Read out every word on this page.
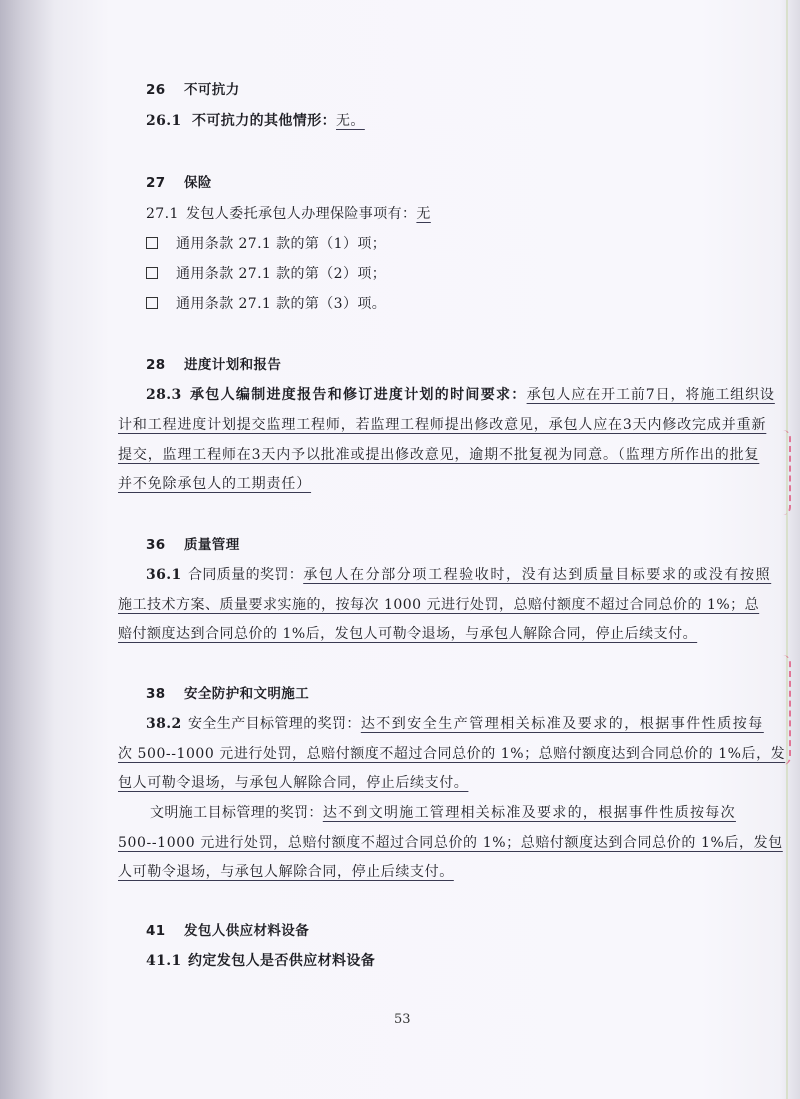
26 不可抗力
26.1 不可抗力的其他情形：无。
27 保险
27.1 发包人委托承包人办理保险事项有：无
通用条款 27.1 款的第（1）项；
通用条款 27.1 款的第（2）项；
通用条款 27.1 款的第（3）项。
28 进度计划和报告
28.3 承包人编制进度报告和修订进度计划的时间要求：承包人应在开工前7日，将施工组织设
计和工程进度计划提交监理工程师，若监理工程师提出修改意见，承包人应在3天内修改完成并重新
提交，监理工程师在3天内予以批准或提出修改意见，逾期不批复视为同意。（监理方所作出的批复
并不免除承包人的工期责任）
36 质量管理
36.1 合同质量的奖罚：承包人在分部分项工程验收时，没有达到质量目标要求的或没有按照
施工技术方案、质量要求实施的，按每次 1000 元进行处罚，总赔付额度不超过合同总价的 1%；总
赔付额度达到合同总价的 1%后，发包人可勒令退场，与承包人解除合同，停止后续支付。
38 安全防护和文明施工
38.2 安全生产目标管理的奖罚：达不到安全生产管理相关标准及要求的，根据事件性质按每
次 500--1000 元进行处罚，总赔付额度不超过合同总价的 1%；总赔付额度达到合同总价的 1%后，发
包人可勒令退场，与承包人解除合同，停止后续支付。
文明施工目标管理的奖罚：达不到文明施工管理相关标准及要求的，根据事件性质按每次
500--1000 元进行处罚，总赔付额度不超过合同总价的 1%；总赔付额度达到合同总价的 1%后，发包
人可勒令退场，与承包人解除合同，停止后续支付。
41 发包人供应材料设备
41.1 约定发包人是否供应材料设备
53
